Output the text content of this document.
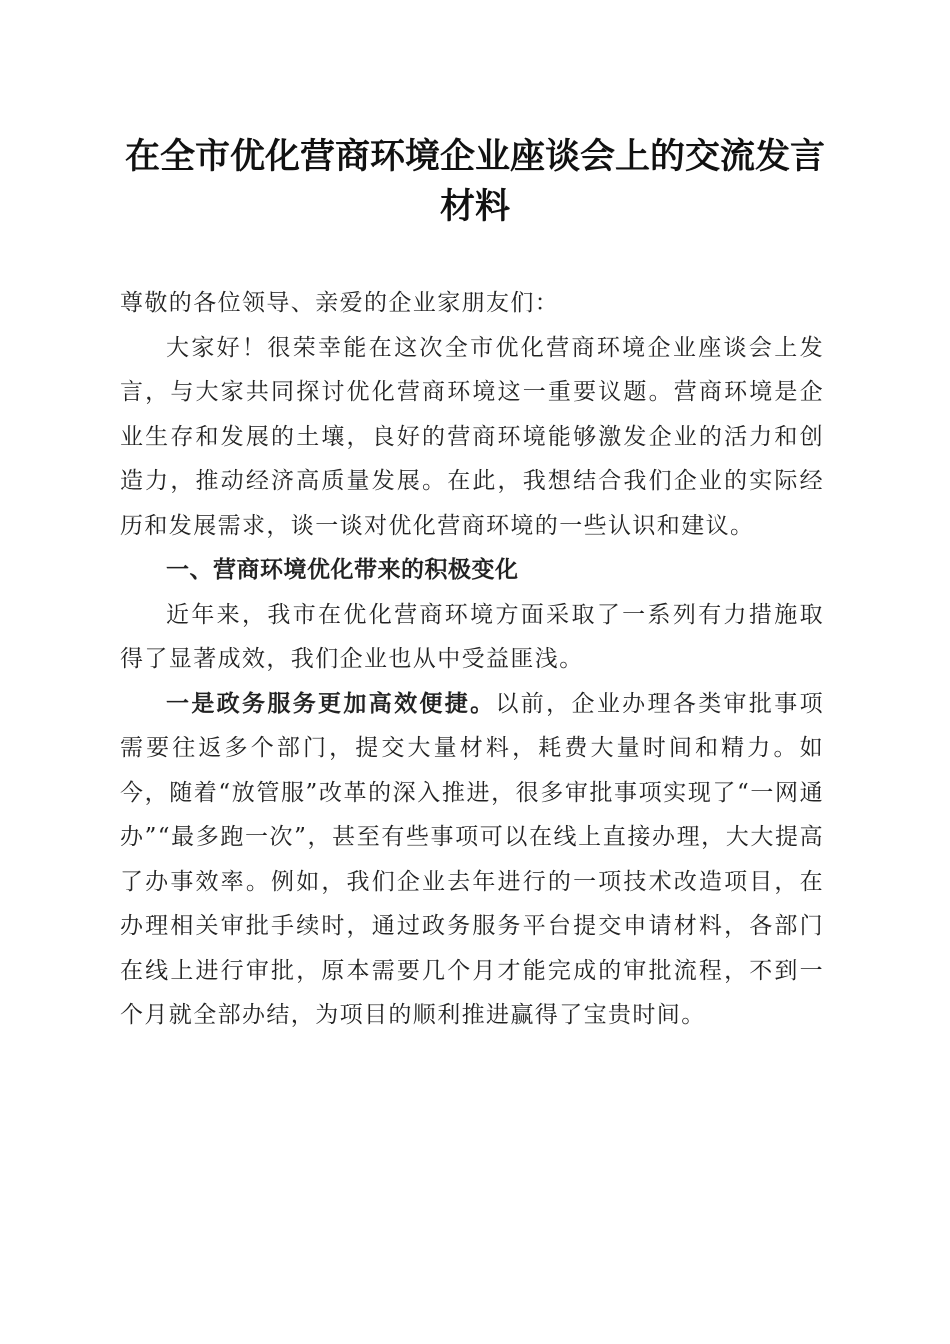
在全市优化营商环境企业座谈会上的交流发言
材料

尊敬的各位领导、亲爱的企业家朋友们：

大家好！很荣幸能在这次全市优化营商环境企业座谈会上发言，与大家共同探讨优化营商环境这一重要议题。营商环境是企业生存和发展的土壤，良好的营商环境能够激发企业的活力和创造力，推动经济高质量发展。在此，我想结合我们企业的实际经历和发展需求，谈一谈对优化营商环境的一些认识和建议。

一、营商环境优化带来的积极变化

近年来，我市在优化营商环境方面采取了一系列有力措施取得了显著成效，我们企业也从中受益匪浅。

一是政务服务更加高效便捷。以前，企业办理各类审批事项需要往返多个部门，提交大量材料，耗费大量时间和精力。如今，随着“放管服”改革的深入推进，很多审批事项实现了“一网通办”“最多跑一次”，甚至有些事项可以在线上直接办理，大大提高了办事效率。例如，我们企业去年进行的一项技术改造项目，在办理相关审批手续时，通过政务服务平台提交申请材料，各部门在线上进行审批，原本需要几个月才能完成的审批流程，不到一个月就全部办结，为项目的顺利推进赢得了宝贵时间。
